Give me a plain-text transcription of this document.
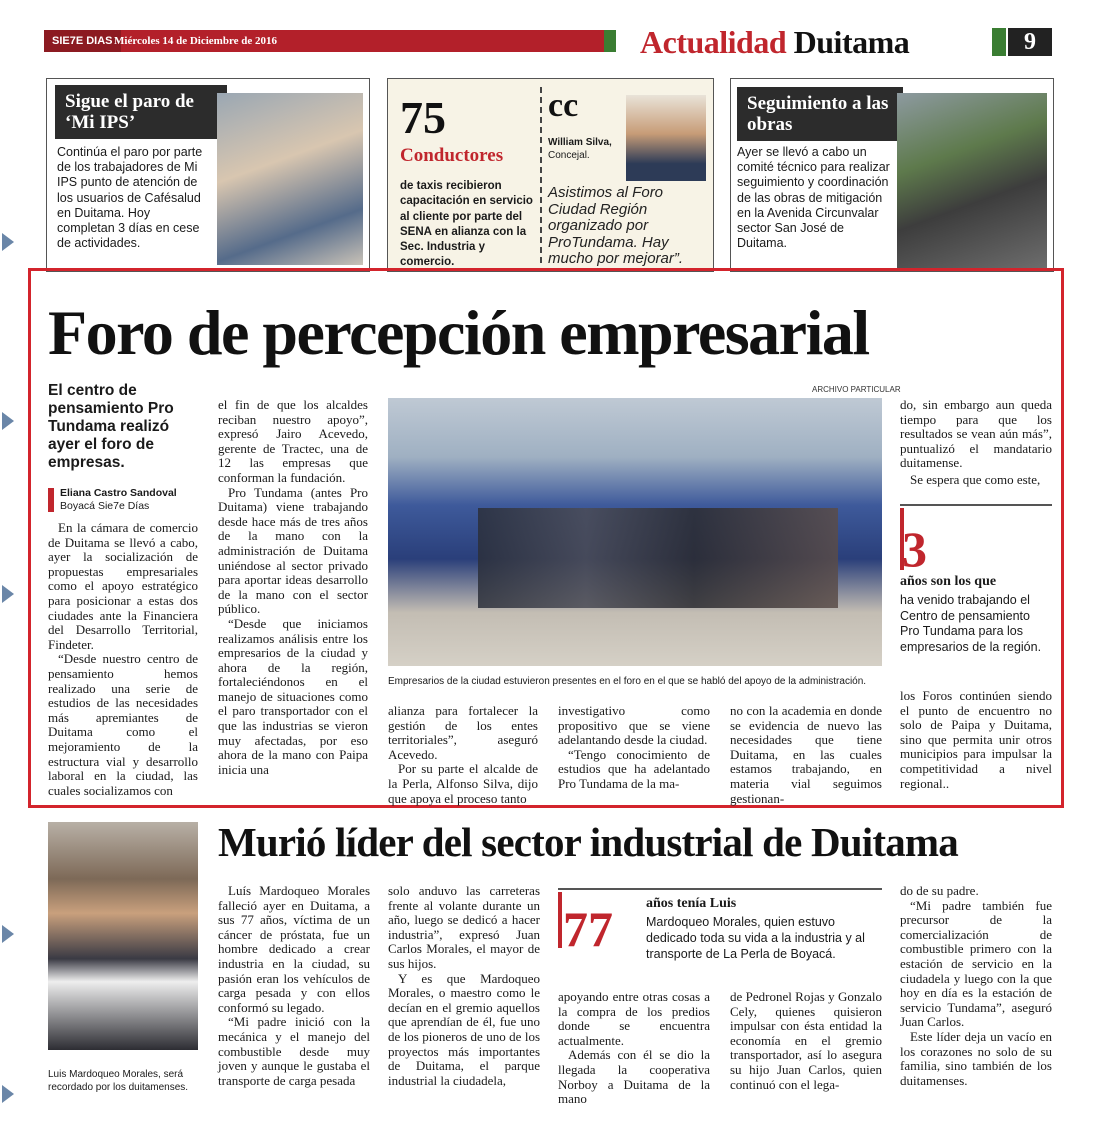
SIE7E DIAS Miércoles 14 de Diciembre de 2016	Actualidad Duitama	9
Sigue el paro de ‘Mi IPS’
Continúa el paro por parte de los trabajadores de Mi IPS punto de atención de los usuarios de Cafésalud en Duitama. Hoy completan 3 días en cese de actividades.
75
Conductores
de taxis recibieron capacitación en servicio al cliente por parte del SENA en alianza con la Sec. Industria y comercio.
cc
William Silva,
Concejal.
Asistimos al Foro Ciudad Región organizado por ProTundama. Hay mucho por mejorar”.
Seguimiento a las obras
Ayer se llevó a cabo un comité técnico para realizar seguimiento y coordinación de las obras de mitigación en la Avenida Circunvalar sector San José de Duitama.
Foro de percepción empresarial
El centro de pensamiento Pro Tundama realizó ayer el foro de empresas.
Eliana Castro Sandoval
Boyacá Sie7e Días

En la cámara de comercio de Duitama se llevó a cabo, ayer la socialización de propuestas empresariales como el apoyo estratégico para posicionar a estas dos ciudades ante la Financiera del Desarrollo Territorial, Findeter.

“Desde nuestro centro de pensamiento hemos realizado una serie de estudios de las necesidades más apremiantes de Duitama como el mejoramiento de la estructura vial y desarrollo laboral en la ciudad, las cuales socializamos con

el fin de que los alcaldes reciban nuestro apoyo”, expresó Jairo Acevedo, gerente de Tractec, una de 12 las empresas que conforman la fundación.

Pro Tundama (antes Pro Duitama) viene trabajando desde hace más de tres años de la mano con la administración de Duitama uniéndose al sector privado para aportar ideas desarrollo de la mano con el sector público.

“Desde que iniciamos realizamos análisis entre los empresarios de la ciudad y ahora de la región, fortaleciéndonos en el manejo de situaciones como el paro transportador con el que las industrias se vieron muy afectadas, por eso ahora de la mano con Paipa inicia una

ARCHIVO PARTICULAR
Empresarios de la ciudad estuvieron presentes en el foro en el que se habló del apoyo de la administración.

alianza para fortalecer la gestión de los entes territoriales”, aseguró Acevedo.

Por su parte el alcalde de la Perla, Alfonso Silva, dijo que apoya el proceso tanto

investigativo como propositivo que se viene adelantando desde la ciudad.

“Tengo conocimiento de estudios que ha adelantado Pro Tundama de la ma-

no con la academia en donde se evidencia de nuevo las necesidades que tiene Duitama, en las cuales estamos trabajando, en materia vial seguimos gestionan-

do, sin embargo aun queda tiempo para que los resultados se vean aún más”, puntualizó el mandatario duitamense.

Se espera que como este,

3
años son los que
ha venido trabajando el Centro de pensamiento Pro Tundama para los empresarios de la región.

los Foros continúen siendo el punto de encuentro no solo de Paipa y Duitama, sino que permita unir otros municipios para impulsar la competitividad a nivel regional..

Luis Mardoqueo Morales, será recordado por los duitamenses.
Murió líder del sector industrial de Duitama

Luís Mardoqueo Morales falleció ayer en Duitama, a sus 77 años, víctima de un cáncer de próstata, fue un hombre dedicado a crear industria en la ciudad, su pasión eran los vehículos de carga pesada y con ellos conformó su legado.

“Mi padre inició con la mecánica y el manejo del combustible desde muy joven y aunque le gustaba el transporte de carga pesada

solo anduvo las carreteras frente al volante durante un año, luego se dedicó a hacer industria”, expresó Juan Carlos Morales, el mayor de sus hijos.

Y es que Mardoqueo Morales, o maestro como le decían en el gremio aquellos que aprendían de él, fue uno de los pioneros de uno de los proyectos más importantes de Duitama, el parque industrial la ciudadela,

77 años tenía Luis
Mardoqueo Morales, quien estuvo dedicado toda su vida a la industria y al transporte de La Perla de Boyacá.

apoyando entre otras cosas a la compra de los predios donde se encuentra actualmente.

Además con él se dio la llegada la cooperativa Norboy a Duitama de la mano

de Pedronel Rojas y Gonzalo Cely, quienes quisieron impulsar con ésta entidad la economía en el gremio transportador, así lo asegura su hijo Juan Carlos, quien continuó con el lega-

do de su padre.

“Mi padre también fue precursor de la comercialización de combustible primero con la estación de servicio en la ciudadela y luego con la que hoy en día es la estación de servicio Tundama”, aseguró Juan Carlos.

Este líder deja un vacío en los corazones no solo de su familia, sino también de los duitamenses.
